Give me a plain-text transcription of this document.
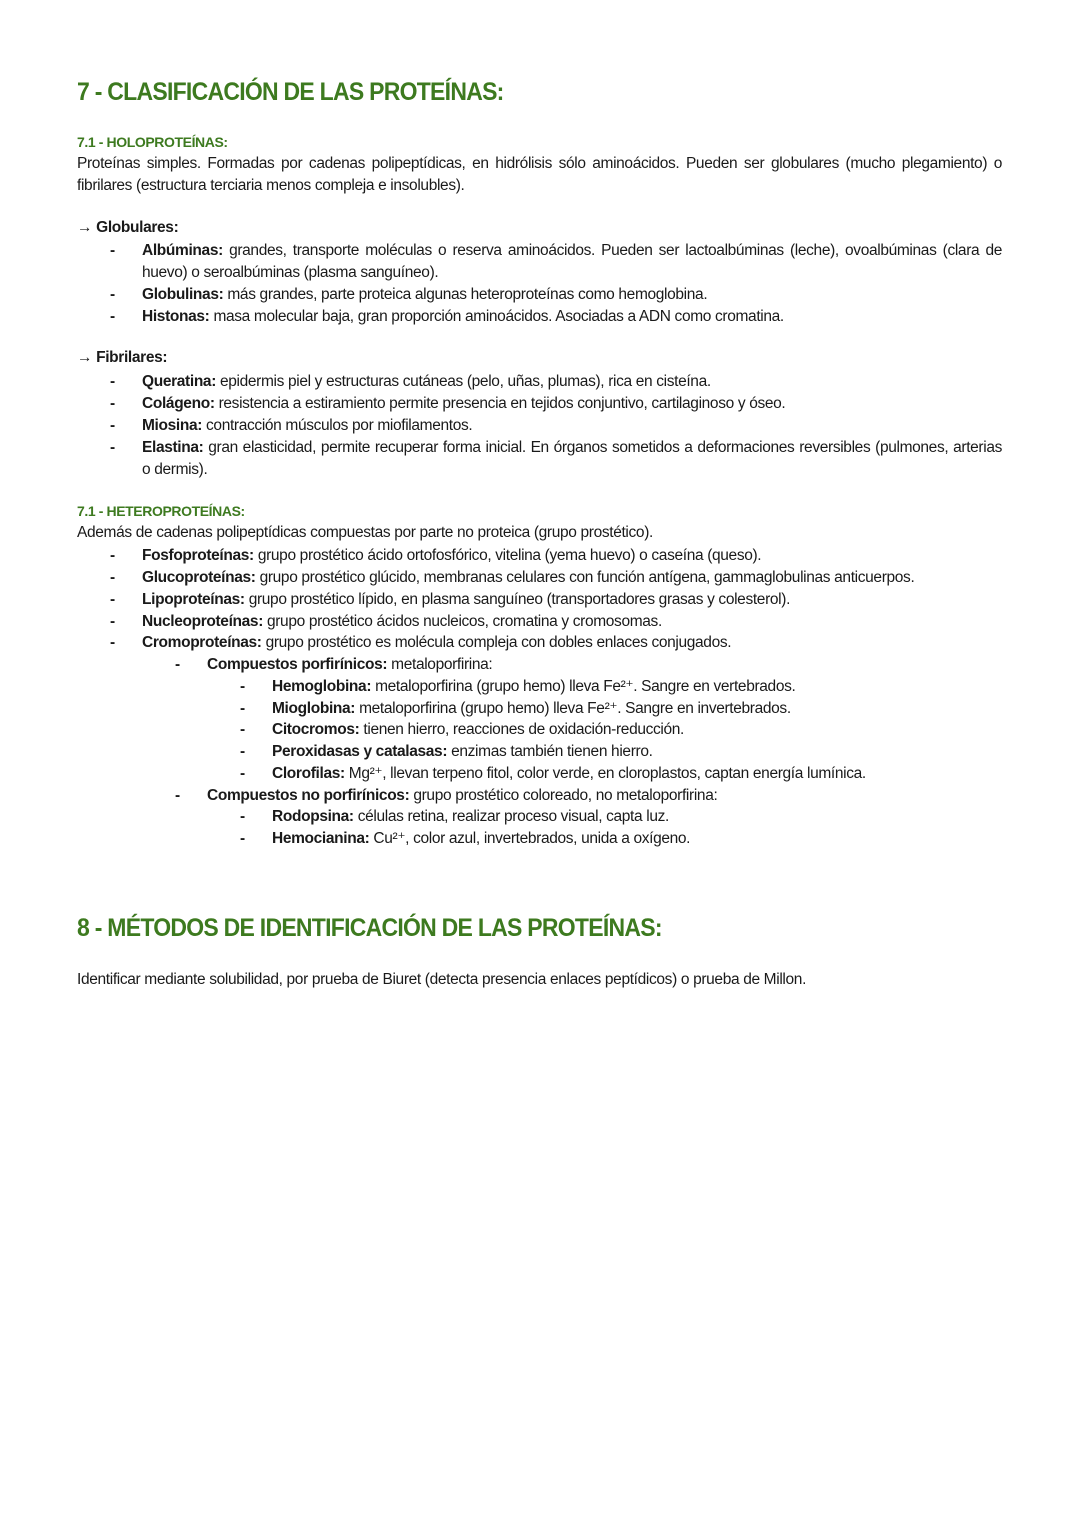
7 - CLASIFICACIÓN DE LAS PROTEÍNAS:
7.1 - HOLOPROTEÍNAS:

Proteínas simples. Formadas por cadenas polipeptídicas, en hidrólisis sólo aminoácidos. Pueden ser globulares (mucho plegamiento) o fibrilares (estructura terciaria menos compleja e insolubles).

→ Globulares:
- Albúminas: grandes, transporte moléculas o reserva aminoácidos. Pueden ser lactoalbúminas (leche), ovoalbúminas (clara de huevo) o seroalbúminas (plasma sanguíneo).
- Globulinas: más grandes, parte proteica algunas heteroproteínas como hemoglobina.
- Histonas: masa molecular baja, gran proporción aminoácidos. Asociadas a ADN como cromatina.
→ Fibrilares:
- Queratina: epidermis piel y estructuras cutáneas (pelo, uñas, plumas), rica en cisteína.
- Colágeno: resistencia a estiramiento permite presencia en tejidos conjuntivo, cartilaginoso y óseo.
- Miosina: contracción músculos por miofilamentos.
- Elastina: gran elasticidad, permite recuperar forma inicial. En órganos sometidos a deformaciones reversibles (pulmones, arterias o dermis).
7.1 - HETEROPROTEÍNAS:

Además de cadenas polipeptídicas compuestas por parte no proteica (grupo prostético).

- Fosfoproteínas: grupo prostético ácido ortofosfórico, vitelina (yema huevo) o caseína (queso).
- Glucoproteínas: grupo prostético glúcido, membranas celulares con función antígena, gammaglobulinas anticuerpos.
- Lipoproteínas: grupo prostético lípido, en plasma sanguíneo (transportadores grasas y colesterol).
- Nucleoproteínas: grupo prostético ácidos nucleicos, cromatina y cromosomas.
- Cromoproteínas: grupo prostético es molécula compleja con dobles enlaces conjugados.
- Compuestos porfirínicos: metaloporfirina:
- Hemoglobina: metaloporfirina (grupo hemo) lleva Fe²⁺. Sangre en vertebrados.
- Mioglobina: metaloporfirina (grupo hemo) lleva Fe²⁺. Sangre en invertebrados.
- Citocromos: tienen hierro, reacciones de oxidación-reducción.
- Peroxidasas y catalasas: enzimas también tienen hierro.
- Clorofilas: Mg²⁺, llevan terpeno fitol, color verde, en cloroplastos, captan energía lumínica.
- Compuestos no porfirínicos: grupo prostético coloreado, no metaloporfirina:
- Rodopsina: células retina, realizar proceso visual, capta luz.
- Hemocianina: Cu²⁺, color azul, invertebrados, unida a oxígeno.
8 - MÉTODOS DE IDENTIFICACIÓN DE LAS PROTEÍNAS:

Identificar mediante solubilidad, por prueba de Biuret (detecta presencia enlaces peptídicos) o prueba de Millon.
